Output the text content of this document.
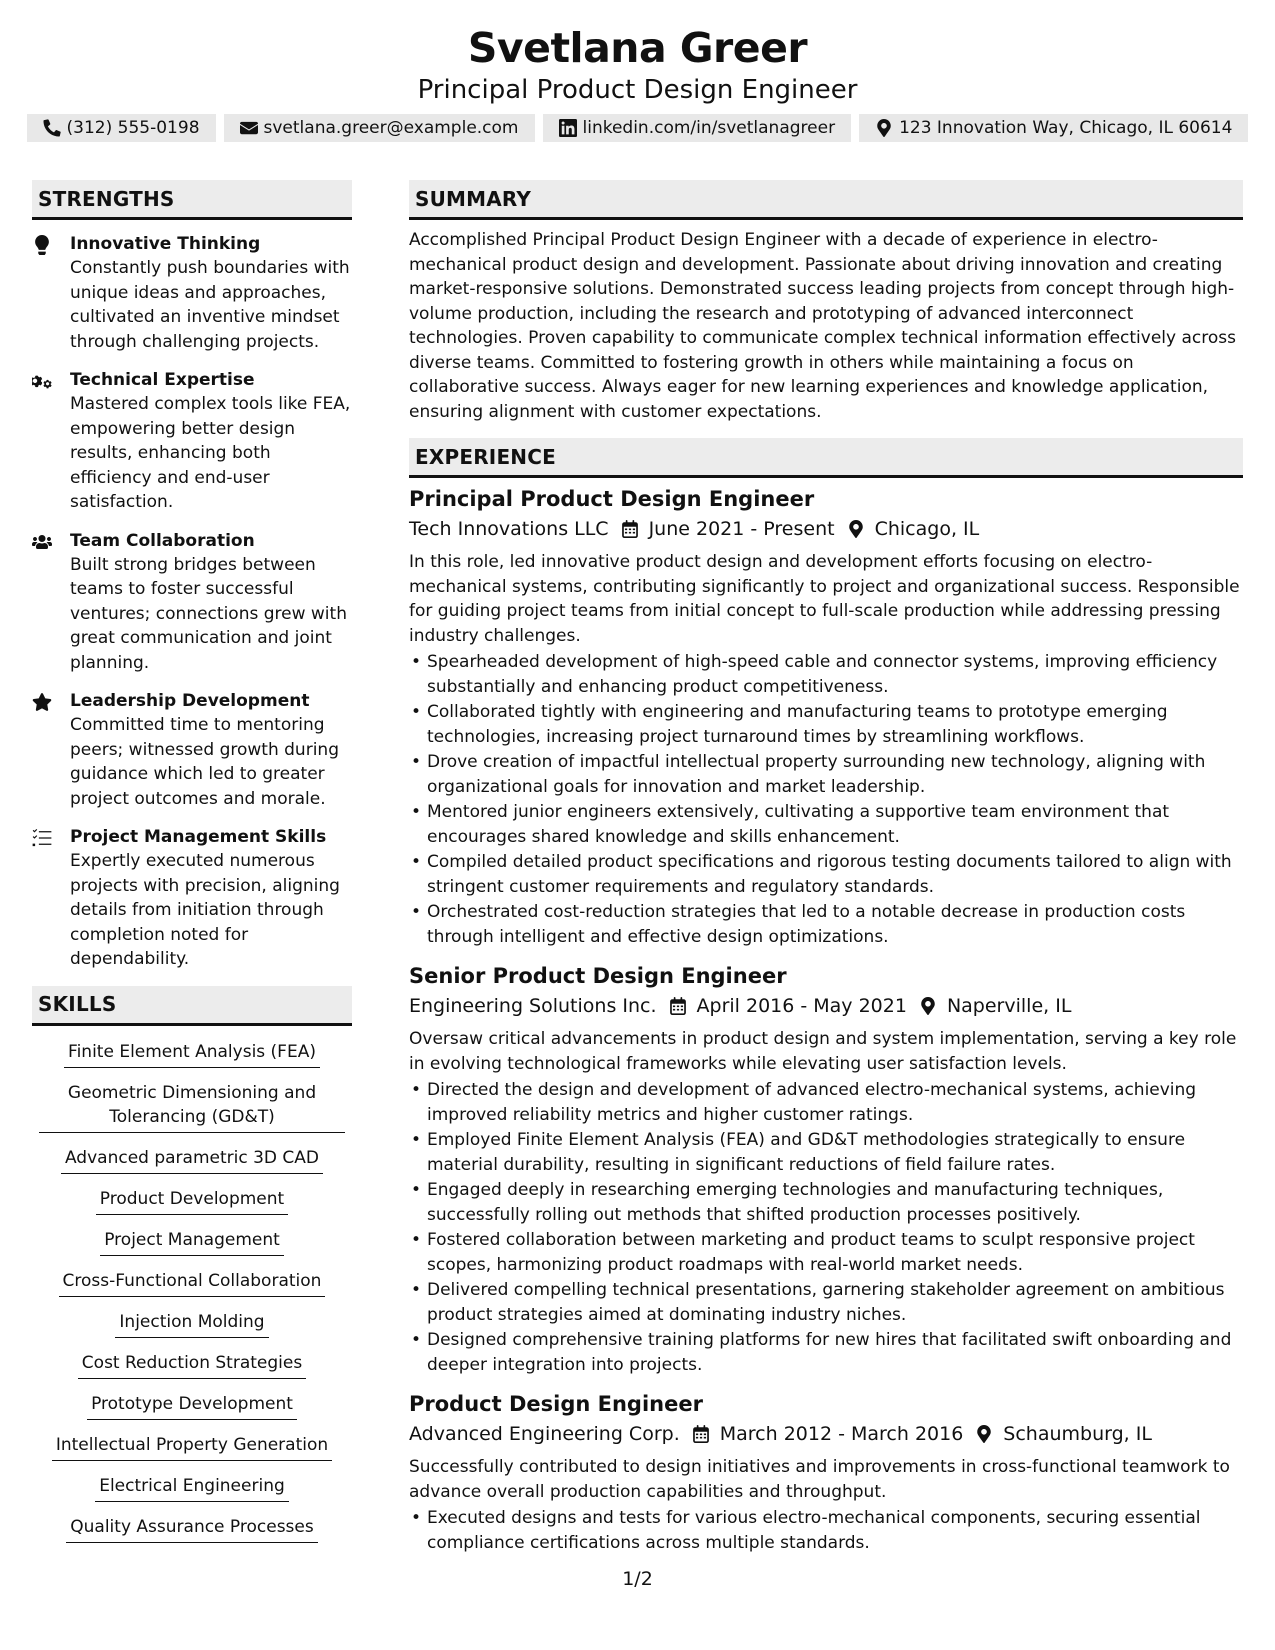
Svetlana Greer
Principal Product Design Engineer
(312) 555-0198	svetlana.greer@example.com	linkedin.com/in/svetlanagreer	123 Innovation Way, Chicago, IL 60614
STRENGTHS
Innovative Thinking
Constantly push boundaries with unique ideas and approaches, cultivated an inventive mindset through challenging projects.
Technical Expertise
Mastered complex tools like FEA, empowering better design results, enhancing both efficiency and end-user satisfaction.
Team Collaboration
Built strong bridges between teams to foster successful ventures; connections grew with great communication and joint planning.
Leadership Development
Committed time to mentoring peers; witnessed growth during guidance which led to greater project outcomes and morale.
Project Management Skills
Expertly executed numerous projects with precision, aligning details from initiation through completion noted for dependability.
SKILLS
Finite Element Analysis (FEA)
Geometric Dimensioning and Tolerancing (GD&T)
Advanced parametric 3D CAD
Product Development
Project Management
Cross-Functional Collaboration
Injection Molding
Cost Reduction Strategies
Prototype Development
Intellectual Property Generation
Electrical Engineering
Quality Assurance Processes
SUMMARY
Accomplished Principal Product Design Engineer with a decade of experience in electro-mechanical product design and development. Passionate about driving innovation and creating market-responsive solutions. Demonstrated success leading projects from concept through high-volume production, including the research and prototyping of advanced interconnect technologies. Proven capability to communicate complex technical information effectively across diverse teams. Committed to fostering growth in others while maintaining a focus on collaborative success. Always eager for new learning experiences and knowledge application, ensuring alignment with customer expectations.
EXPERIENCE
Principal Product Design Engineer
Tech Innovations LLC June 2021 - Present Chicago, IL
In this role, led innovative product design and development efforts focusing on electro-mechanical systems, contributing significantly to project and organizational success. Responsible for guiding project teams from initial concept to full-scale production while addressing pressing industry challenges.
• Spearheaded development of high-speed cable and connector systems, improving efficiency substantially and enhancing product competitiveness.
• Collaborated tightly with engineering and manufacturing teams to prototype emerging technologies, increasing project turnaround times by streamlining workflows.
• Drove creation of impactful intellectual property surrounding new technology, aligning with organizational goals for innovation and market leadership.
• Mentored junior engineers extensively, cultivating a supportive team environment that encourages shared knowledge and skills enhancement.
• Compiled detailed product specifications and rigorous testing documents tailored to align with stringent customer requirements and regulatory standards.
• Orchestrated cost-reduction strategies that led to a notable decrease in production costs through intelligent and effective design optimizations.
Senior Product Design Engineer
Engineering Solutions Inc. April 2016 - May 2021 Naperville, IL
Oversaw critical advancements in product design and system implementation, serving a key role in evolving technological frameworks while elevating user satisfaction levels.
• Directed the design and development of advanced electro-mechanical systems, achieving improved reliability metrics and higher customer ratings.
• Employed Finite Element Analysis (FEA) and GD&T methodologies strategically to ensure material durability, resulting in significant reductions of field failure rates.
• Engaged deeply in researching emerging technologies and manufacturing techniques, successfully rolling out methods that shifted production processes positively.
• Fostered collaboration between marketing and product teams to sculpt responsive project scopes, harmonizing product roadmaps with real-world market needs.
• Delivered compelling technical presentations, garnering stakeholder agreement on ambitious product strategies aimed at dominating industry niches.
• Designed comprehensive training platforms for new hires that facilitated swift onboarding and deeper integration into projects.
Product Design Engineer
Advanced Engineering Corp. March 2012 - March 2016 Schaumburg, IL
Successfully contributed to design initiatives and improvements in cross-functional teamwork to advance overall production capabilities and throughput.
• Executed designs and tests for various electro-mechanical components, securing essential compliance certifications across multiple standards.
1/2
